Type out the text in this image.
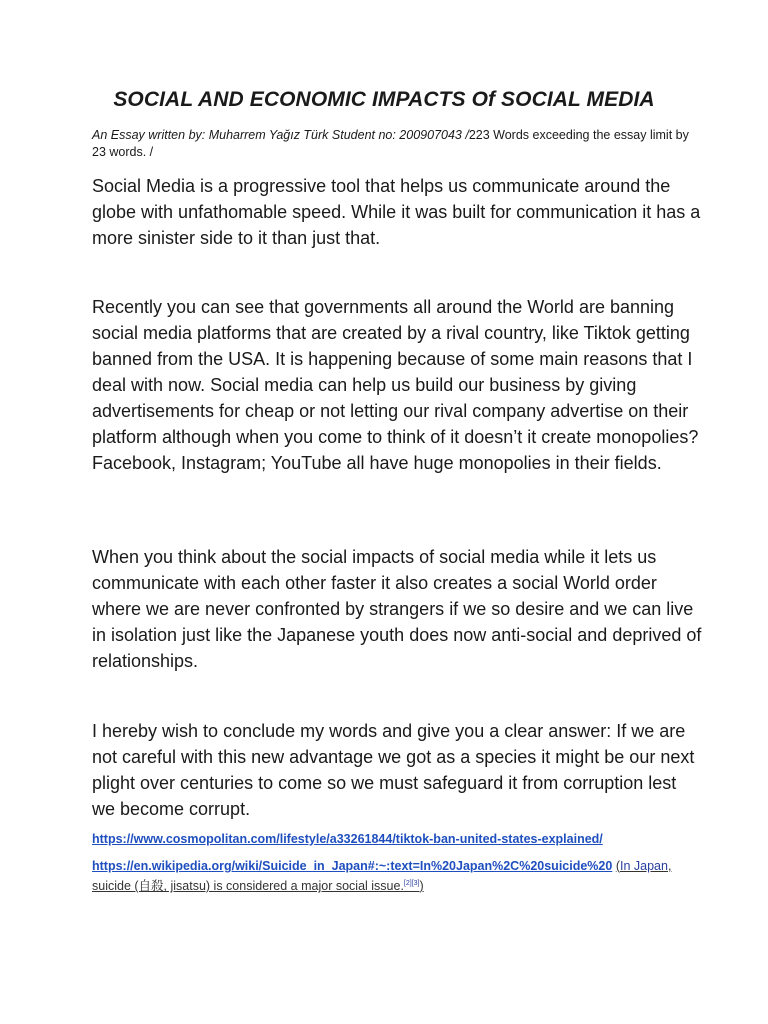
SOCIAL AND ECONOMIC IMPACTS Of SOCIAL MEDIA

An Essay written by: Muharrem Yağız Türk Student no: 200907043 /223 Words exceeding the essay limit by 23 words. /

Social Media is a progressive tool that helps us communicate around the globe with unfathomable speed. While it was built for communication it has a more sinister side to it than just that.

Recently you can see that governments all around the World are banning social media platforms that are created by a rival country, like Tiktok getting banned from the USA. It is happening because of some main reasons that I deal with now. Social media can help us build our business by giving advertisements for cheap or not letting our rival company advertise on their platform although when you come to think of it doesn’t it create monopolies? Facebook, Instagram; YouTube all have huge monopolies in their fields.

When you think about the social impacts of social media while it lets us communicate with each other faster it also creates a social World order where we are never confronted by strangers if we so desire and we can live in isolation just like the Japanese youth does now anti-social and deprived of relationships.

I hereby wish to conclude my words and give you a clear answer: If we are not careful with this new advantage we got as a species it might be our next plight over centuries to come so we must safeguard it from corruption lest we become corrupt.

https://www.cosmopolitan.com/lifestyle/a33261844/tiktok-ban-united-states-explained/

https://en.wikipedia.org/wiki/Suicide_in_Japan#:~:text=In%20Japan%2C%20suicide%20 (In Japan, suicide (自殺, jisatsu) is considered a major social issue.[2][3])
